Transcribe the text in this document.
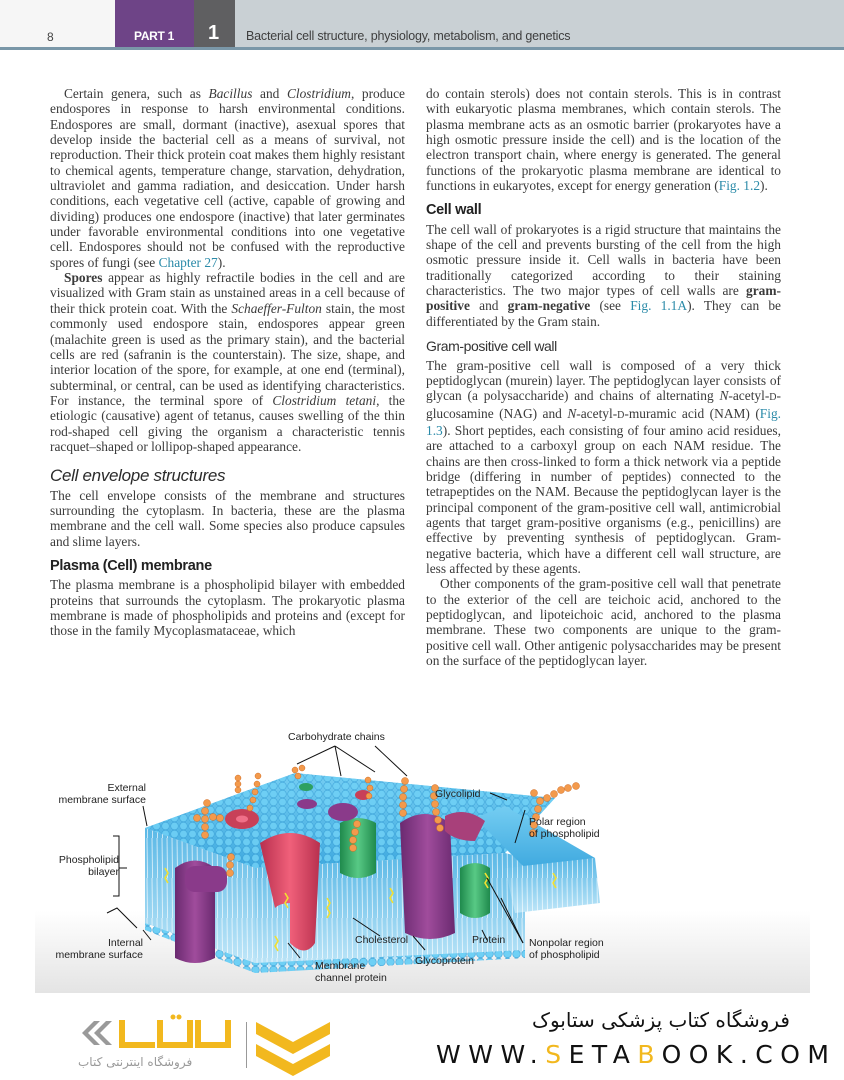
8	PART 1 1 Bacterial cell structure, physiology, metabolism, and genetics

Certain genera, such as Bacillus and Clostridium, produce endospores in response to harsh environmental conditions. Endospores are small, dormant (inactive), asexual spores that develop inside the bacterial cell as a means of survival, not reproduction. Their thick protein coat makes them highly resistant to chemical agents, temperature change, starvation, dehydration, ultraviolet and gamma radiation, and desiccation. Under harsh conditions, each vegetative cell (active, capable of growing and dividing) produces one endospore (inactive) that later germinates under favorable environmental conditions into one vegetative cell. Endospores should not be confused with the reproductive spores of fungi (see Chapter 27).

Spores appear as highly refractile bodies in the cell and are visualized with Gram stain as unstained areas in a cell because of their thick protein coat. With the Schaeffer-Fulton stain, the most commonly used endospore stain, endospores appear green (malachite green is used as the primary stain), and the bacterial cells are red (safranin is the counterstain). The size, shape, and interior location of the spore, for example, at one end (terminal), subterminal, or central, can be used as identifying characteristics. For instance, the terminal spore of Clostridium tetani, the etiologic (causative) agent of tetanus, causes swelling of the thin rod-shaped cell giving the organism a characteristic tennis racquet–shaped or lollipop-shaped appearance.

Cell envelope structures

The cell envelope consists of the membrane and structures surrounding the cytoplasm. In bacteria, these are the plasma membrane and the cell wall. Some species also produce capsules and slime layers.

Plasma (Cell) membrane

The plasma membrane is a phospholipid bilayer with embedded proteins that surrounds the cytoplasm. The prokaryotic plasma membrane is made of phospholipids and proteins and (except for those in the family Mycoplasmataceae, which

do contain sterols) does not contain sterols. This is in contrast with eukaryotic plasma membranes, which contain sterols. The plasma membrane acts as an osmotic barrier (prokaryotes have a high osmotic pressure inside the cell) and is the location of the electron transport chain, where energy is generated. The general functions of the prokaryotic plasma membrane are identical to functions in eukaryotes, except for energy generation (Fig. 1.2).

Cell wall

The cell wall of prokaryotes is a rigid structure that maintains the shape of the cell and prevents bursting of the cell from the high osmotic pressure inside it. Cell walls in bacteria have been traditionally categorized according to their staining characteristics. The two major types of cell walls are gram-positive and gram-negative (see Fig. 1.1A). They can be differentiated by the Gram stain.

Gram-positive cell wall

The gram-positive cell wall is composed of a very thick peptidoglycan (murein) layer. The peptidoglycan layer consists of glycan (a polysaccharide) and chains of alternating N-acetyl-D-glucosamine (NAG) and N-acetyl-D-muramic acid (NAM) (Fig. 1.3). Short peptides, each consisting of four amino acid residues, are attached to a carboxyl group on each NAM residue. The chains are then cross-linked to form a thick network via a peptide bridge (differing in number of peptides) connected to the tetrapeptides on the NAM. Because the peptidoglycan layer is the principal component of the gram-positive cell wall, antimicrobial agents that target gram-positive organisms (e.g., penicillins) are effective by preventing synthesis of peptidoglycan. Gram-negative bacteria, which have a different cell wall structure, are less affected by these agents.

Other components of the gram-positive cell wall that penetrate to the exterior of the cell are teichoic acid, anchored to the peptidoglycan, and lipoteichoic acid, anchored to the plasma membrane. These two components are unique to the gram-positive cell wall. Other antigenic polysaccharides may be present on the surface of the peptidoglycan layer.

Carbohydrate chains
External
membrane surface
Phospholipid
bilayer
Internal
membrane surface
Cholesterol
Membrane
channel protein
Glycoprotein
Protein
Glycolipid
Polar region
of phospholipid
Nonpolar region
of phospholipid
فروشگاه اینترنتی کتاب
فروشگاه کتاب پزشکی ستابوک
WWW.SETABOOK.COM
